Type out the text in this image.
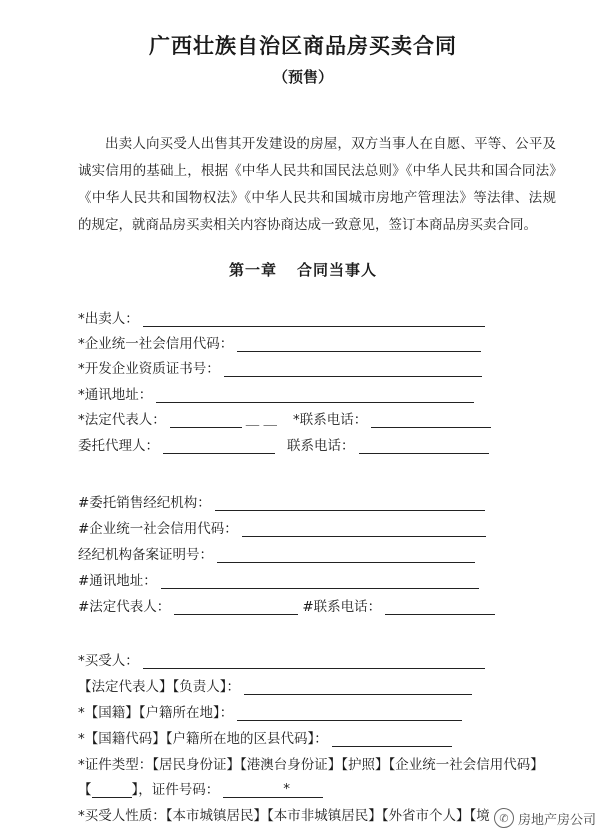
广西壮族自治区商品房买卖合同
（预售）

出卖人向买受人出售其开发建设的房屋，双方当事人在自愿、平等、公平及诚实信用的基础上，根据《中华人民共和国民法总则》《中华人民共和国合同法》《中华人民共和国物权法》《中华人民共和国城市房地产管理法》等法律、法规的规定，就商品房买卖相关内容协商达成一致意见，签订本商品房买卖合同。

第一章 合同当事人
*出卖人：
*企业统一社会信用代码：
*开发企业资质证书号：
*通讯地址：
*法定代表人：	＿ ＿ *联系电话：
委托代理人：	联系电话：
#委托销售经纪机构：
#企业统一社会信用代码：
经纪机构备案证明号：
#通讯地址：
#法定代表人：	#联系电话：
*买受人：
【法定代表人】【负责人】：
*【国籍】【户籍所在地】：
*【国籍代码】【户籍所在地的区县代码】：
*证件类型：【居民身份证】【港澳台身份证】【护照】【企业统一社会信用代码】
【	】，证件号码：	*
*买受人性质：【本市城镇居民】【本市非城镇居民】【外省市个人】【境 ✆ 房地产房公司
